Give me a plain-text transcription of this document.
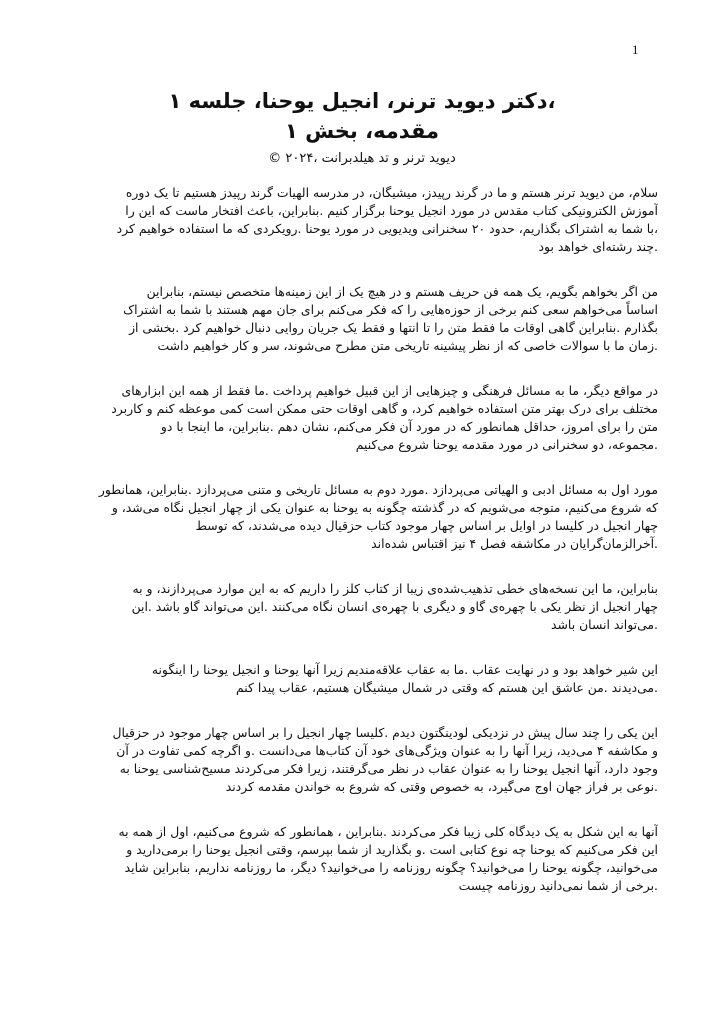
1
،دکتر دیوید ترنر، انجیل یوحنا، جلسه ۱
مقدمه، بخش ۱
دیوید ترنر و تد هیلدبرانت ،۲۰۲۴ ©
سلام، من دیوید ترنر هستم و ما در گرند رپیدز، میشیگان، در مدرسه الهیات گرند رپیدز هستیم تا یک دوره
آموزش الکترونیکی کتاب مقدس در مورد انجیل یوحنا برگزار کنیم .بنابراین، باعث افتخار ماست که این را
،با شما به اشتراک بگذاریم، حدود ۲۰ سخنرانی ویدیویی در مورد یوحنا .رویکردی که ما استفاده خواهیم کرد
.چند رشته‌ای خواهد بود
من اگر بخواهم بگویم، یک همه فن حریف هستم و در هیچ یک از این زمینه‌ها متخصص نیستم، بنابراین
اساساً می‌خواهم سعی کنم برخی از حوزه‌هایی را که فکر می‌کنم برای جان مهم هستند با شما به اشتراک
بگذارم .بنابراین گاهی اوقات ما فقط متن را تا انتها و فقط یک جریان روایی دنبال خواهیم کرد .بخشی از
.زمان ما با سوالات خاصی که از نظر پیشینه تاریخی متن مطرح می‌شوند، سر و کار خواهیم داشت
در مواقع دیگر، ما به مسائل فرهنگی و چیزهایی از این قبیل خواهیم پرداخت .ما فقط از همه این ابزارهای
مختلف برای درک بهتر متن استفاده خواهیم کرد، و گاهی اوقات حتی ممکن است کمی موعظه کنم و کاربرد
متن را برای امروز، حداقل همانطور که در مورد آن فکر می‌کنم، نشان دهم .بنابراین، ما اینجا با دو
.مجموعه، دو سخنرانی در مورد مقدمه یوحنا شروع می‌کنیم
مورد اول به مسائل ادبی و الهیاتی می‌پردازد .مورد دوم به مسائل تاریخی و متنی می‌پردازد .بنابراین، همانطور
که شروع می‌کنیم، متوجه می‌شویم که در گذشته چگونه به یوحنا به عنوان یکی از چهار انجیل نگاه می‌شد، و
چهار انجیل در کلیسا در اوایل بر اساس چهار موجود کتاب حزقیال دیده می‌شدند، که توسط
.آخرالزمان‌گرایان در مکاشفه فصل ۴ نیز اقتباس شده‌اند
بنابراین، ما این نسخه‌های خطی تذهیب‌شده‌ی زیبا از کتاب کلز را داریم که به این موارد می‌پردازند، و به
چهار انجیل از نظر یکی با چهره‌ی گاو و دیگری با چهره‌ی انسان نگاه می‌کنند .این می‌تواند گاو باشد .این
.می‌تواند انسان باشد
این شیر خواهد بود و در نهایت عقاب .ما به عقاب علاقه‌مندیم زیرا آنها یوحنا و انجیل یوحنا را اینگونه
.می‌دیدند .من عاشق این هستم که وقتی در شمال میشیگان هستیم، عقاب پیدا کنم
این یکی را چند سال پیش در نزدیکی لودینگتون دیدم .کلیسا چهار انجیل را بر اساس چهار موجود در حزقیال
و مکاشفه ۴ می‌دید، زیرا آنها را به عنوان ویژگی‌های خود آن کتاب‌ها می‌دانست .و اگرچه کمی تفاوت در آن
وجود دارد، آنها انجیل یوحنا را به عنوان عقاب در نظر می‌گرفتند، زیرا فکر می‌کردند مسیح‌شناسی یوحنا به
.نوعی بر فراز جهان اوج می‌گیرد، به خصوص وقتی که شروع به خواندن مقدمه کردند
آنها به این شکل به یک دیدگاه کلی زیبا فکر می‌کردند .بنابراین ، همانطور که شروع می‌کنیم، اول از همه به
این فکر می‌کنیم که یوحنا چه نوع کتابی است .و بگذارید از شما بپرسم، وقتی انجیل یوحنا را برمی‌دارید و
می‌خوانید، چگونه یوحنا را می‌خوانید؟ چگونه روزنامه را می‌خوانید؟ دیگر، ما روزنامه نداریم، بنابراین شاید
.برخی از شما نمی‌دانید روزنامه چیست
